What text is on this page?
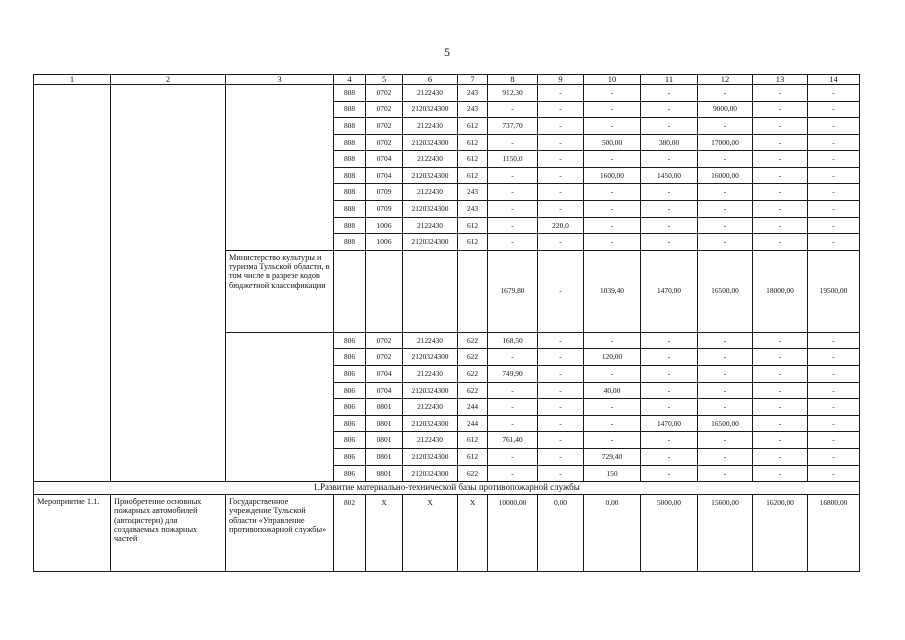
5
1	2	3	4	5	6	7	8	9	10	11	12	13	14
			808	0702	2122430	243	912,30	-	-	-	-	-	-
			808	0702	2120324300	243	-	-	-	-	9000,00	-	-
			808	0702	2122430	612	737,70	-	-	-	-	-	-
			808	0702	2120324300	612	-	-	500,00	380,00	17000,00	-	-
			808	0704	2122430	612	1150,0	-	-	-	-	-	-
			808	0704	2120324300	612	-	-	1600,00	1450,00	16000,00	-	-
			808	0709	2122430	243	-	-	-	-	-	-	-
			808	0709	2120324300	243	-	-	-	-	-	-	-
			808	1006	2122430	612	-	220,0	-	-	-	-	-
			808	1006	2120324300	612	-	-	-	-	-	-	-
		Министерство культуры и туризма Тульской области, в том числе в разрезе кодов бюджетной классификации					1679,80	-	1039,40	1470,00	16500,00	18000,00	19500,00
			806	0702	2122430	622	168,50	-	-	-	-	-	-
			806	0702	2120324300	622	-	-	120,00	-	-	-	-
			806	0704	2122430	622	749,90	-	-	-	-	-	-
			806	0704	2120324300	622	-	-	40,00	-	-	-	-
			806	0801	2122430	244	-	-	-	-	-	-	-
			806	0801	2120324300	244	-	-	-	1470,00	16500,00	-	-
			806	0801	2122430	612	761,40	-	-	-	-	-	-
			806	0801	2120324300	612	-	-	729,40	-	-	-	-
			806	0801	2120324300	622	-	-	150	-	-	-	-
1.Развитие материально-технической базы противопожарной службы													
Мероприятие 1.1.	Приобретение основных пожарных автомобилей (автоцистерн) для создаваемых пожарных частей	Государственное учреждение Тульской области «Управление противопожарной службы»	802	X	X	X	10000,00	0,00	0,00	5000,00	15600,00	16200,00	16800,00
